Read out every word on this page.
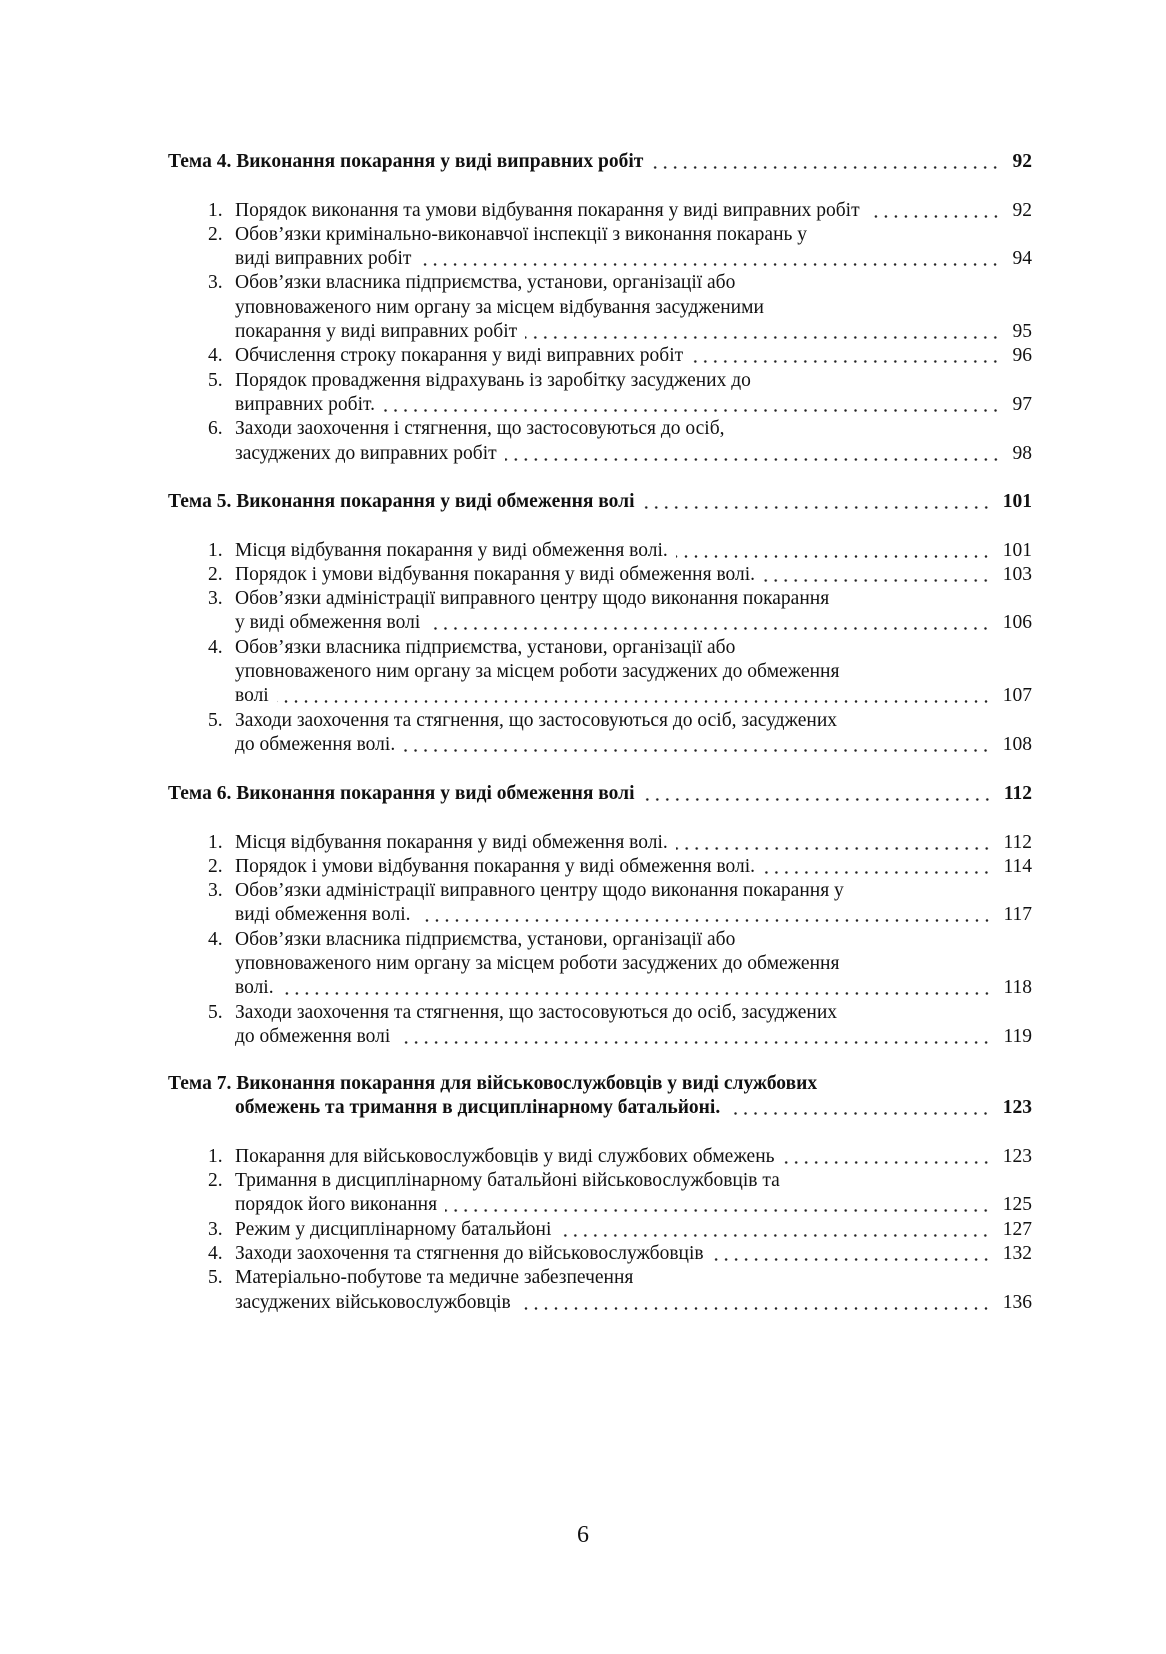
Тема 4. Виконання покарання у виді виправних робіт	92
1. Порядок виконання та умови відбування покарання у виді виправних робіт	92
2. Обов’язки кримінально-виконавчої інспекції з виконання покарань у
виді виправних робіт	94
3. Обов’язки власника підприємства, установи, організації або
уповноваженого ним органу за місцем відбування засудженими
покарання у виді виправних робіт	95
4. Обчислення строку покарання у виді виправних робіт	96
5. Порядок провадження відрахувань із заробітку засуджених до
виправних робіт.	97
6. Заходи заохочення і стягнення, що застосовуються до осіб,
засуджених до виправних робіт	98
Тема 5. Виконання покарання у виді обмеження волі	101
1. Місця відбування покарання у виді обмеження волі.	101
2. Порядок і умови відбування покарання у виді обмеження волі.	103
3. Обов’язки адміністрації виправного центру щодо виконання покарання
у виді обмеження волі	106
4. Обов’язки власника підприємства, установи, організації або
уповноваженого ним органу за місцем роботи засуджених до обмеження
волі	107
5. Заходи заохочення та стягнення, що застосовуються до осіб, засуджених
до обмеження волі.	108
Тема 6. Виконання покарання у виді обмеження волі	112
1. Місця відбування покарання у виді обмеження волі.	112
2. Порядок і умови відбування покарання у виді обмеження волі.	114
3. Обов’язки адміністрації виправного центру щодо виконання покарання у
виді обмеження волі.	117
4. Обов’язки власника підприємства, установи, організації або
уповноваженого ним органу за місцем роботи засуджених до обмеження
волі.	118
5. Заходи заохочення та стягнення, що застосовуються до осіб, засуджених
до обмеження волі	119
Тема 7. Виконання покарання для військовослужбовців у виді службових
обмежень та тримання в дисциплінарному батальйоні.	123
1. Покарання для військовослужбовців у виді службових обмежень	123
2. Тримання в дисциплінарному батальйоні військовослужбовців та
порядок його виконання	125
3. Режим у дисциплінарному батальйоні	127
4. Заходи заохочення та стягнення до військовослужбовців	132
5. Матеріально-побутове та медичне забезпечення
засуджених військовослужбовців	136
6
